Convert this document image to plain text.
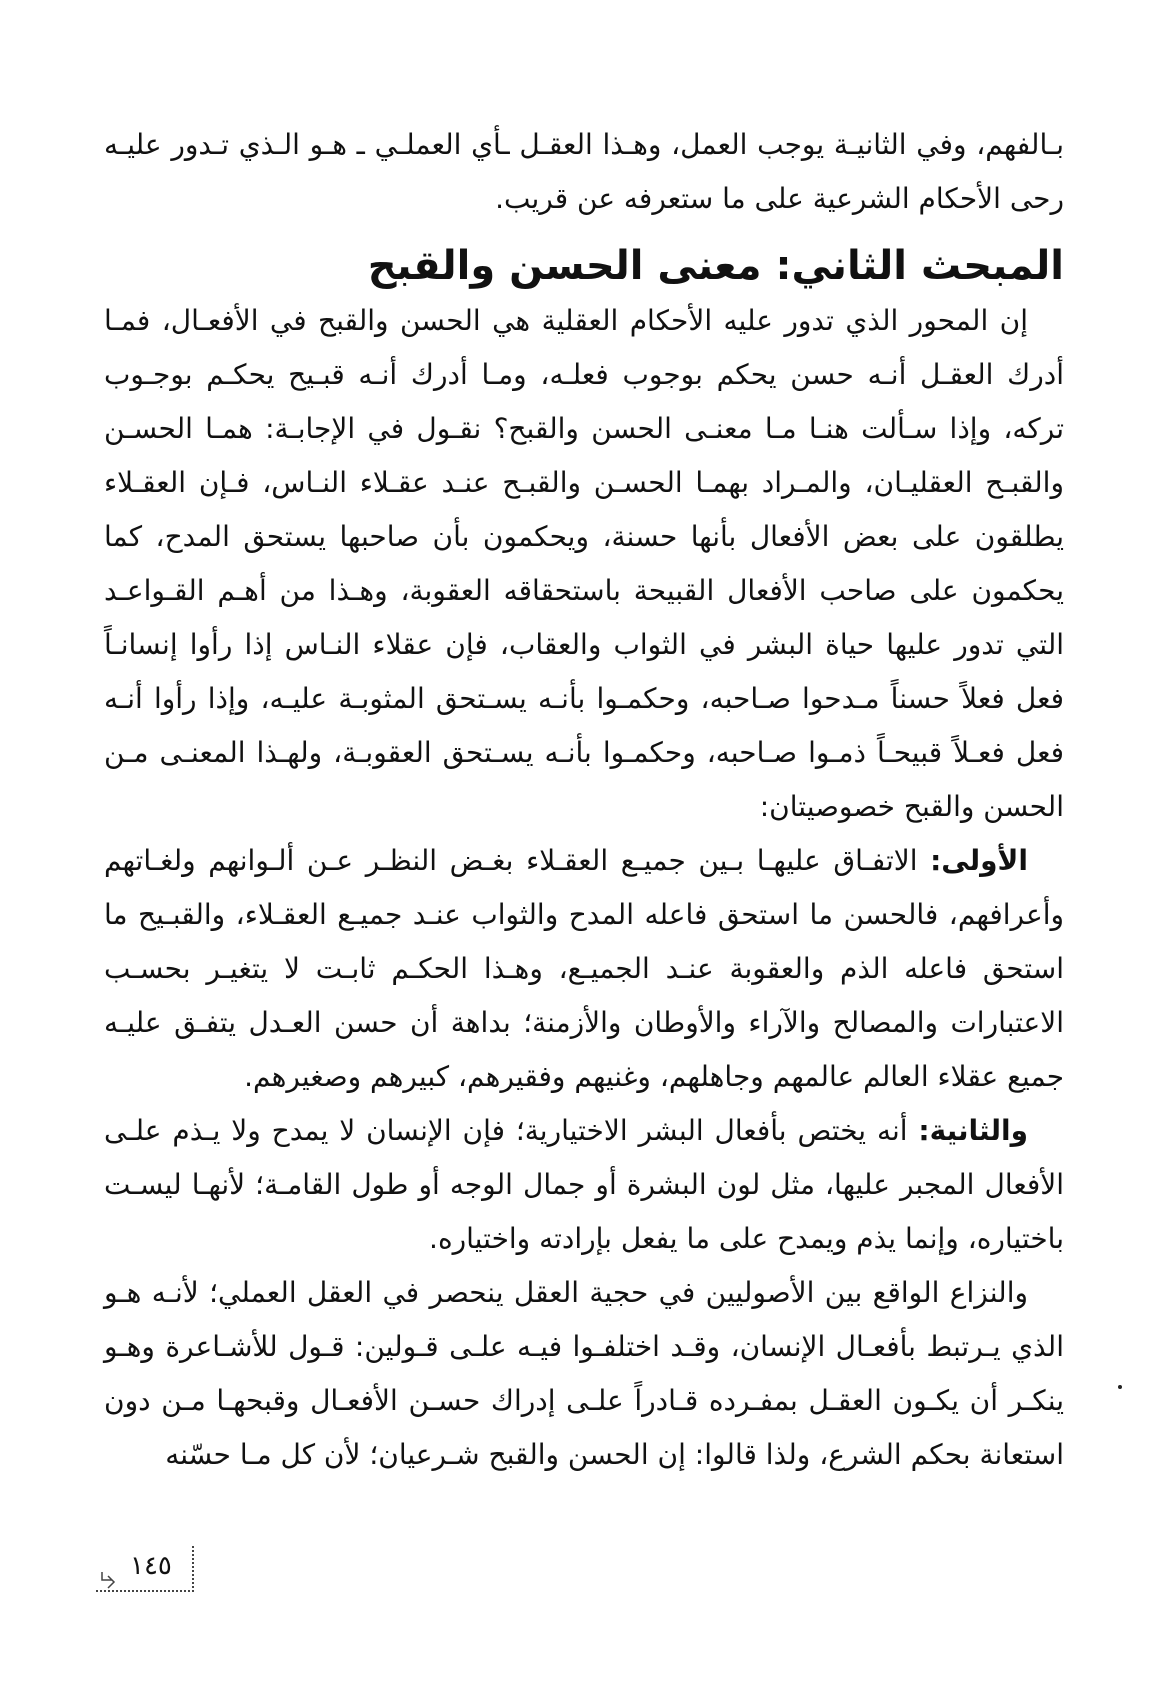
بـالفهم، وفي الثانيـة يوجب العمل، وهـذا العقـل ـأي العملـي ـ هـو الـذي تـدور عليـه رحى الأحكام الشرعية على ما ستعرفه عن قريب.

المبحث الثاني: معنى الحسن والقبح

إن المحور الذي تدور عليه الأحكام العقلية هي الحسن والقبح في الأفعـال، فمـا أدرك العقـل أنـه حسن يحكم بوجوب فعلـه، ومـا أدرك أنـه قبـيح يحكـم بوجـوب تركه، وإذا سـألت هنـا مـا معنـى الحسن والقبح؟ نقـول في الإجابـة: همـا الحسـن والقبـح العقليـان، والمـراد بهمـا الحسـن والقبـح عنـد عقـلاء النـاس، فـإن العقـلاء يطلقون على بعض الأفعال بأنها حسنة، ويحكمون بأن صاحبها يستحق المدح، كما يحكمون على صاحب الأفعال القبيحة باستحقاقه العقوبة، وهـذا من أهـم القـواعـد التي تدور عليها حياة البشر في الثواب والعقاب، فإن عقلاء النـاس إذا رأوا إنسانـاً فعل فعلاً حسناً مـدحوا صـاحبه، وحكمـوا بأنـه يسـتحق المثوبـة عليـه، وإذا رأوا أنـه فعل فعـلاً قبيحـاً ذمـوا صـاحبه، وحكمـوا بأنـه يسـتحق العقوبـة، ولهـذا المعنـى مـن الحسن والقبح خصوصيتان:

الأولى: الاتفـاق عليهـا بـين جميـع العقـلاء بغـض النظـر عـن ألـوانهم ولغـاتهم وأعرافهم، فالحسن ما استحق فاعله المدح والثواب عنـد جميـع العقـلاء، والقبـيح ما استحق فاعله الذم والعقوبة عنـد الجميـع، وهـذا الحكـم ثابـت لا يتغيـر بحسـب الاعتبارات والمصالح والآراء والأوطان والأزمنة؛ بداهة أن حسن العـدل يتفـق عليـه جميع عقلاء العالم عالمهم وجاهلهم، وغنيهم وفقيرهم، كبيرهم وصغيرهم.

والثانية: أنه يختص بأفعال البشر الاختيارية؛ فإن الإنسان لا يمدح ولا يـذم علـى الأفعال المجبر عليها، مثل لون البشرة أو جمال الوجه أو طول القامـة؛ لأنهـا ليسـت باختياره، وإنما يذم ويمدح على ما يفعل بإرادته واختياره.

والنزاع الواقع بين الأصوليين في حجية العقل ينحصر في العقل العملي؛ لأنـه هـو الذي يـرتبط بأفعـال الإنسان، وقـد اختلفـوا فيـه علـى قـولين: قـول للأشـاعرة وهـو ينكـر أن يكـون العقـل بمفـرده قـادراً علـى إدراك حسـن الأفعـال وقبحهـا مـن دون استعانة بحكم الشرع، ولذا قالوا: إن الحسن والقبح شـرعيان؛ لأن كل مـا حسّنه

١٤٥
